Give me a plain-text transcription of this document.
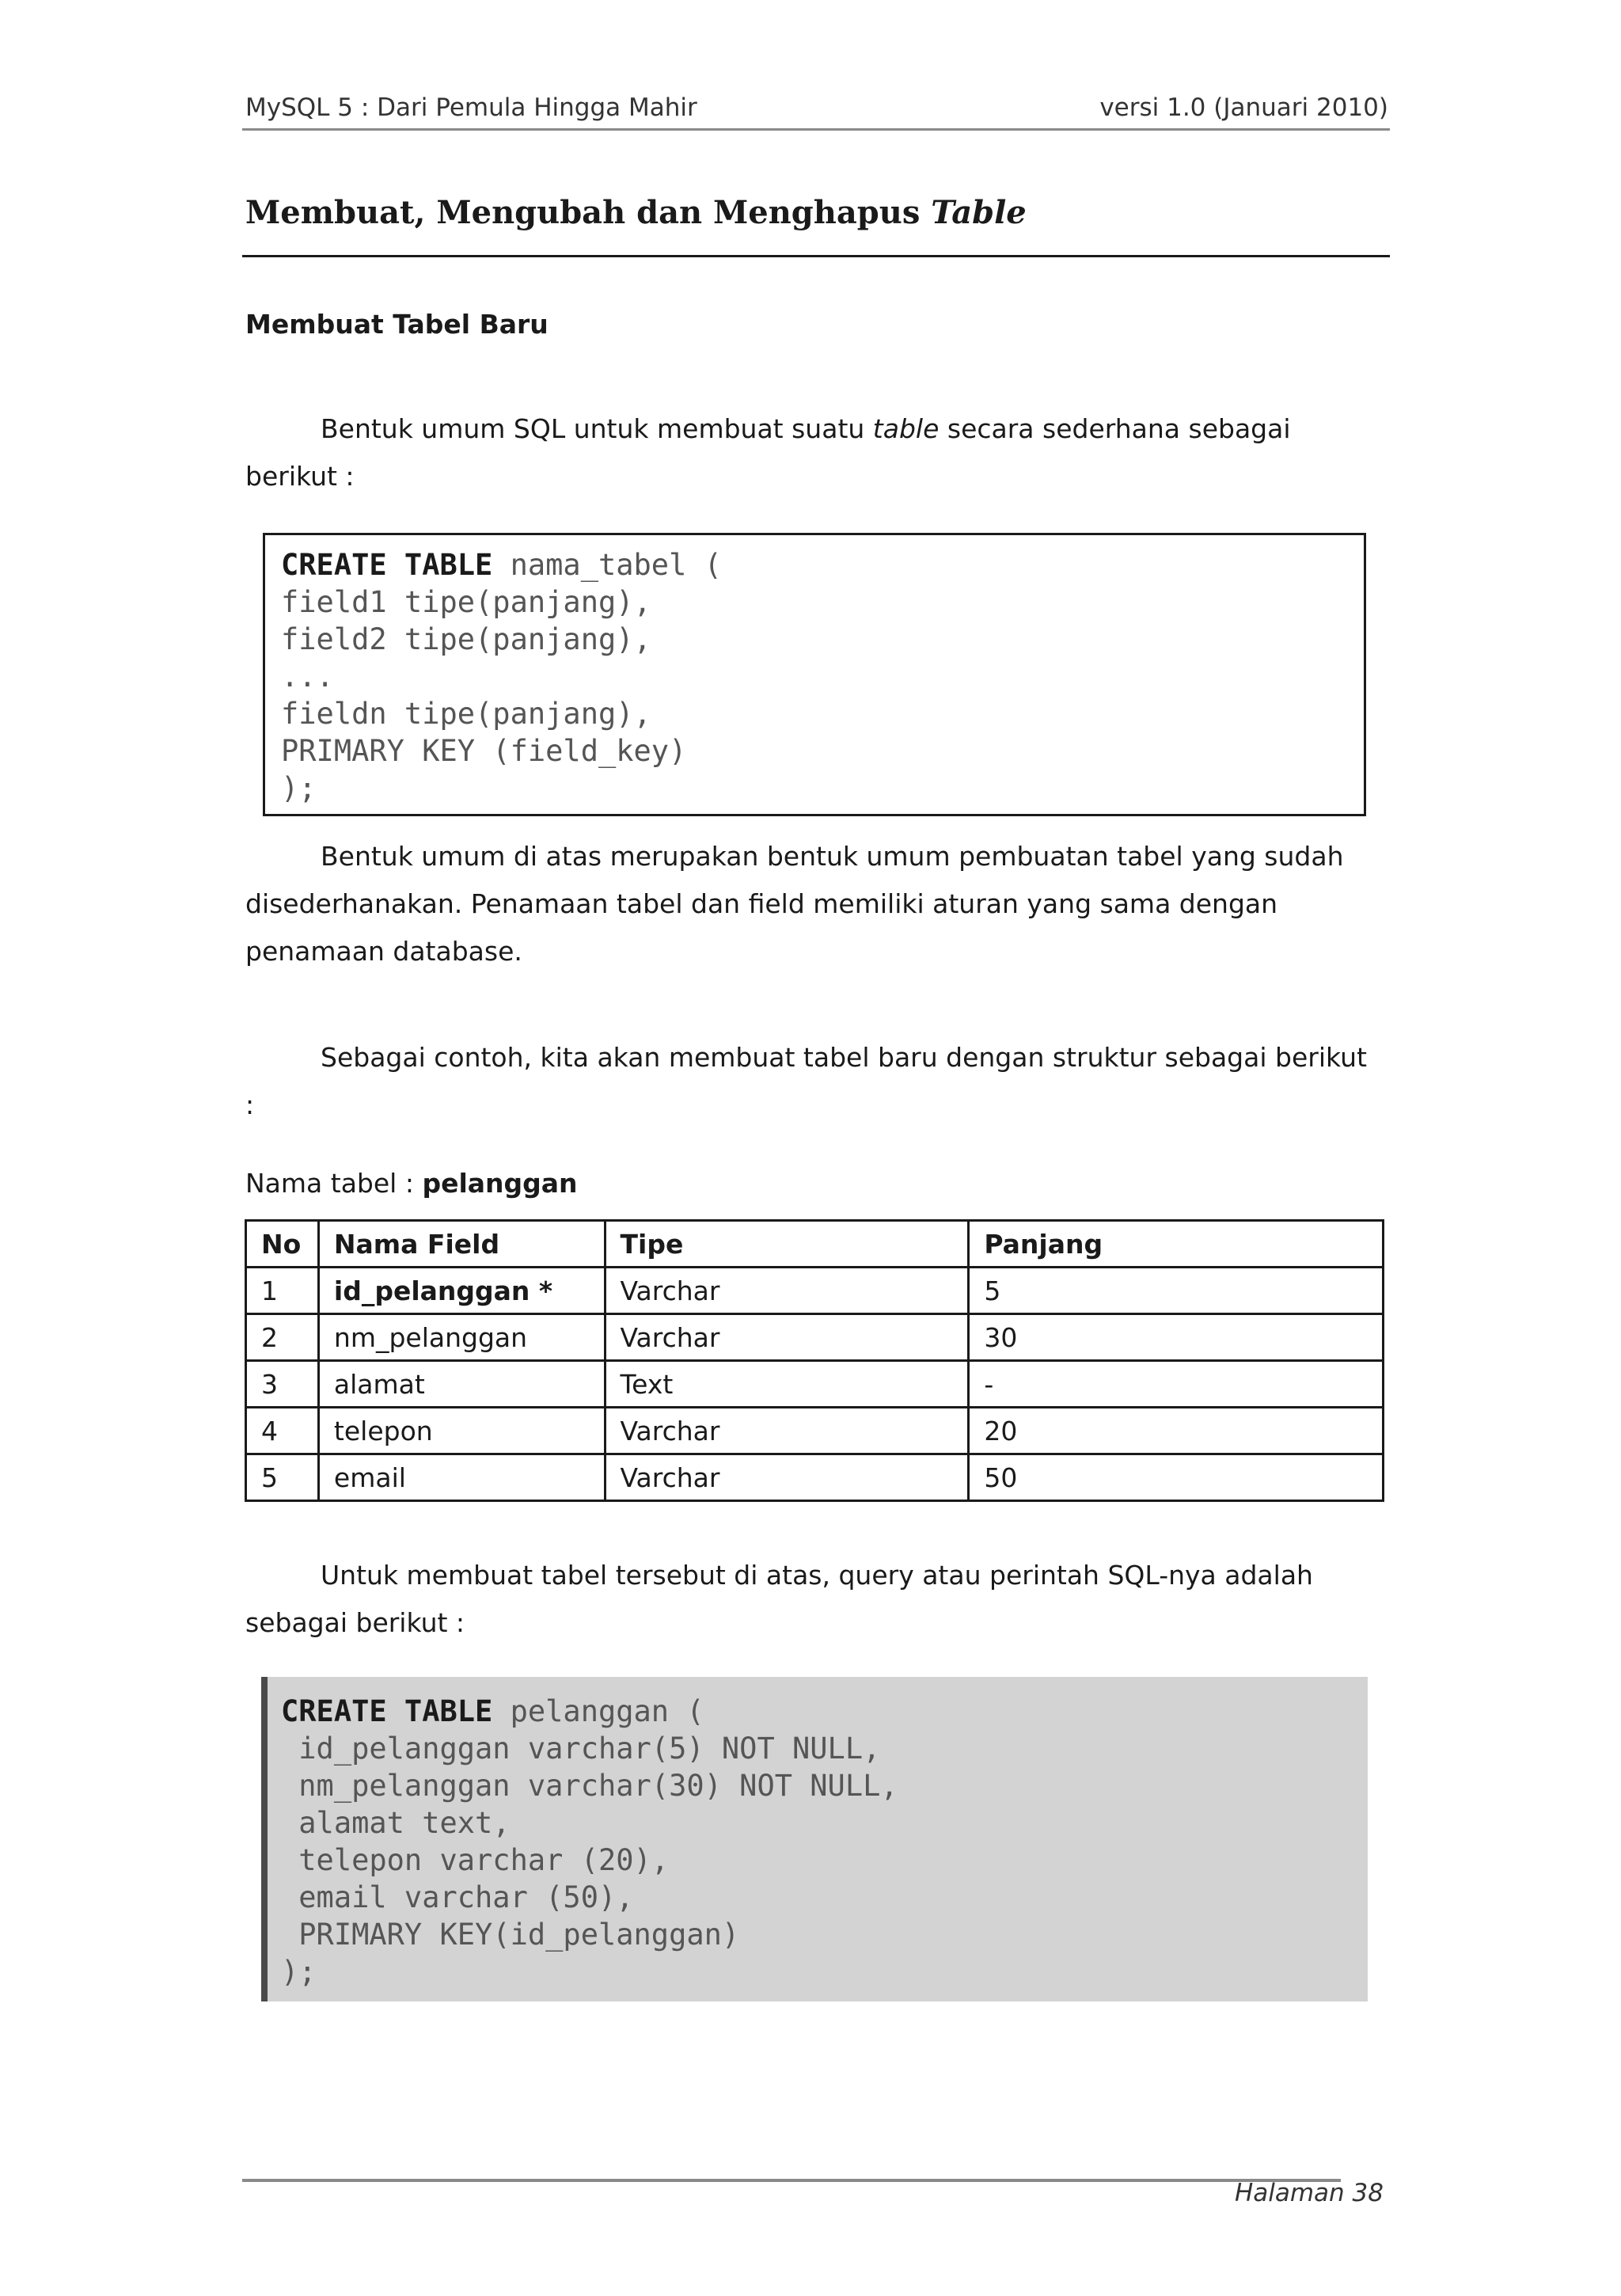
MySQL 5 : Dari Pemula Hingga Mahir	versi 1.0 (Januari 2010)
Membuat, Mengubah dan Menghapus Table
Membuat Tabel Baru
Bentuk umum SQL untuk membuat suatu table secara sederhana sebagai berikut :
CREATE TABLE nama_tabel (
field1 tipe(panjang),
field2 tipe(panjang),
...
fieldn tipe(panjang),
PRIMARY KEY (field_key)
);
Bentuk umum di atas merupakan bentuk umum pembuatan tabel yang sudah disederhanakan. Penamaan tabel dan field memiliki aturan yang sama dengan penamaan database.
Sebagai contoh, kita akan membuat tabel baru dengan struktur sebagai berikut :
Nama tabel : pelanggan
No	Nama Field	Tipe	Panjang
1	id_pelanggan *	Varchar	5
2	nm_pelanggan	Varchar	30
3	alamat	Text	-
4	telepon	Varchar	20
5	email	Varchar	50
Untuk membuat tabel tersebut di atas, query atau perintah SQL-nya adalah sebagai berikut :
CREATE TABLE pelanggan (
id_pelanggan varchar(5) NOT NULL,
nm_pelanggan varchar(30) NOT NULL,
alamat text,
telepon varchar (20),
email varchar (50),
PRIMARY KEY(id_pelanggan)
);
Halaman 38
